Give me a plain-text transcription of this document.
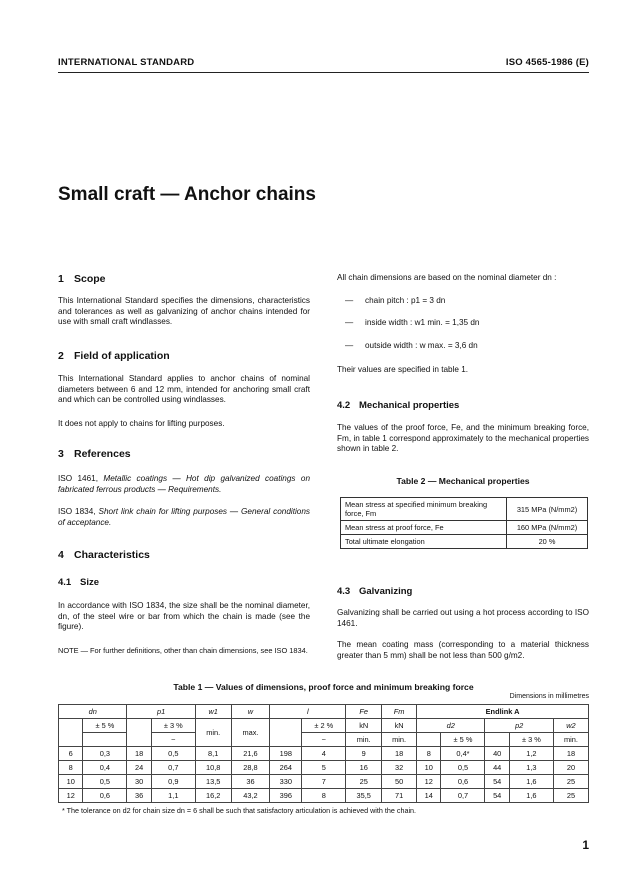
INTERNATIONAL STANDARD	ISO 4565-1986 (E)
Small craft — Anchor chains
1 Scope
This International Standard specifies the dimensions, characteristics and tolerances as well as galvanizing of anchor chains intended for use with small craft windlasses.
2 Field of application
This International Standard applies to anchor chains of nominal diameters between 6 and 12 mm, intended for anchoring small craft and which can be controlled using windlasses.
It does not apply to chains for lifting purposes.
3 References
ISO 1461, Metallic coatings — Hot dip galvanized coatings on fabricated ferrous products — Requirements.
ISO 1834, Short link chain for lifting purposes — General conditions of acceptance.
4 Characteristics
4.1 Size
In accordance with ISO 1834, the size shall be the nominal diameter, dn, of the steel wire or bar from which the chain is made (see the figure).
NOTE — For further definitions, other than chain dimensions, see ISO 1834.
All chain dimensions are based on the nominal diameter dn :
— chain pitch : p1 = 3 dn
— inside width : w1 min. = 1,35 dn
— outside width : w max. = 3,6 dn
Their values are specified in table 1.
4.2 Mechanical properties
The values of the proof force, Fe, and the minimum breaking force, Fm, in table 1 correspond approximately to the mechanical properties shown in table 2.
Table 2 — Mechanical properties
Mean stress at specified minimum breaking force, Fm	315 MPa (N/mm2)
Mean stress at proof force, Fe	160 MPa (N/mm2)
Total ultimate elongation	20 %
4.3 Galvanizing
Galvanizing shall be carried out using a hot process according to ISO 1461.
The mean coating mass (corresponding to a material thickness greater than 5 mm) shall be not less than 500 g/m2.
Table 1 — Values of dimensions, proof force and minimum breaking force
Dimensions in millimetres
dn		p1		w1	w	l		Fe	Fm	Endlink A				
	± 5 %		± 3 %	min.	max.		± 2 %	kN	kN	d2		p2		w2
			~				~	min.	min.		± 5 %		± 3 %	min.
6	0,3	18	0,5	8,1	21,6	198	4	9	18	8	0,4*	40	1,2	18
8	0,4	24	0,7	10,8	28,8	264	5	16	32	10	0,5	44	1,3	20
10	0,5	30	0,9	13,5	36	330	7	25	50	12	0,6	54	1,6	25
12	0,6	36	1,1	16,2	43,2	396	8	35,5	71	14	0,7	54	1,6	25
* The tolerance on d2 for chain size dn = 6 shall be such that satisfactory articulation is achieved with the chain.
1
